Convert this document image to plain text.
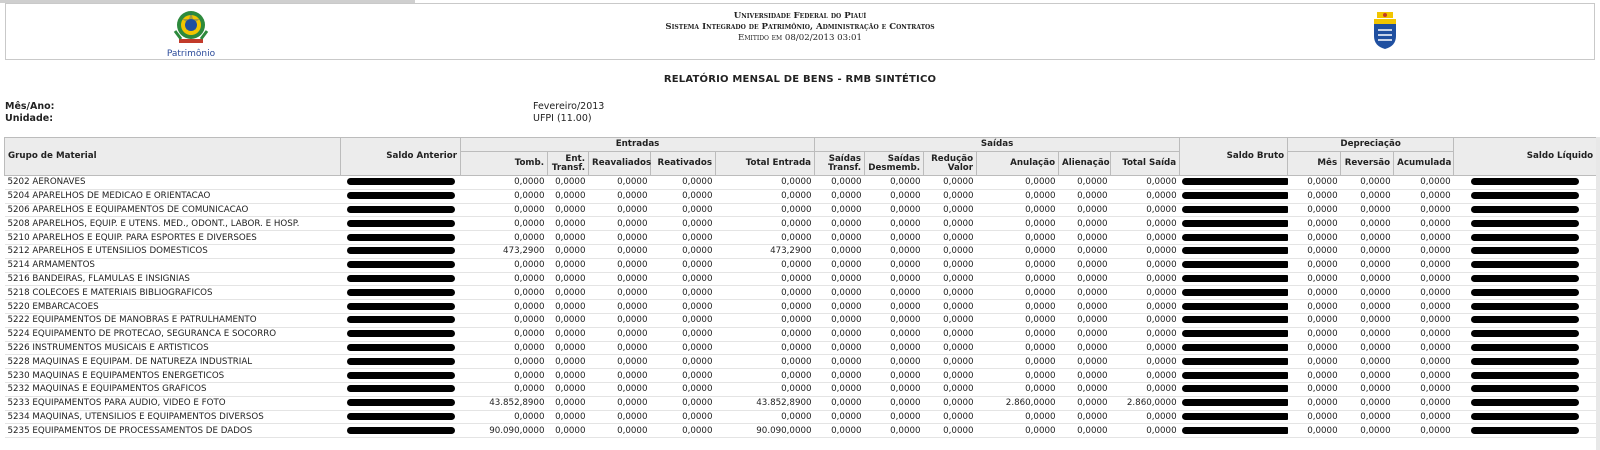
Patrimônio
Universidade Federal do Piauí
Sistema Integrado de Patrimônio, Administração e Contratos
Emitido em 08/02/2013 03:01
RELATÓRIO MENSAL DE BENS - RMB SINTÉTICO
Mês/Ano:	Fevereiro/2013
Unidade:	UFPI (11.00)
Grupo de Material	Saldo Anterior	Entradas					Saídas						Saldo Bruto	Depreciação			Saldo Líquido
		Tomb.	Ent. Transf.	Reavaliados	Reativados	Total Entrada	Saídas Transf.	Saídas Desmemb.	Redução Valor	Anulação	Alienação	Total Saída		Mês	Reversão	Acumulada	
5202 AERONAVES		0,0000	0,0000	0,0000	0,0000	0,0000	0,0000	0,0000	0,0000	0,0000	0,0000	0,0000		0,0000	0,0000	0,0000	
5204 APARELHOS DE MEDICAO E ORIENTACAO		0,0000	0,0000	0,0000	0,0000	0,0000	0,0000	0,0000	0,0000	0,0000	0,0000	0,0000		0,0000	0,0000	0,0000	
5206 APARELHOS E EQUIPAMENTOS DE COMUNICACAO		0,0000	0,0000	0,0000	0,0000	0,0000	0,0000	0,0000	0,0000	0,0000	0,0000	0,0000		0,0000	0,0000	0,0000	
5208 APARELHOS, EQUIP. E UTENS. MED., ODONT., LABOR. E HOSP.		0,0000	0,0000	0,0000	0,0000	0,0000	0,0000	0,0000	0,0000	0,0000	0,0000	0,0000		0,0000	0,0000	0,0000	
5210 APARELHOS E EQUIP. PARA ESPORTES E DIVERSOES		0,0000	0,0000	0,0000	0,0000	0,0000	0,0000	0,0000	0,0000	0,0000	0,0000	0,0000		0,0000	0,0000	0,0000	
5212 APARELHOS E UTENSILIOS DOMESTICOS		473,2900	0,0000	0,0000	0,0000	473,2900	0,0000	0,0000	0,0000	0,0000	0,0000	0,0000		0,0000	0,0000	0,0000	
5214 ARMAMENTOS		0,0000	0,0000	0,0000	0,0000	0,0000	0,0000	0,0000	0,0000	0,0000	0,0000	0,0000		0,0000	0,0000	0,0000	
5216 BANDEIRAS, FLAMULAS E INSIGNIAS		0,0000	0,0000	0,0000	0,0000	0,0000	0,0000	0,0000	0,0000	0,0000	0,0000	0,0000		0,0000	0,0000	0,0000	
5218 COLECOES E MATERIAIS BIBLIOGRAFICOS		0,0000	0,0000	0,0000	0,0000	0,0000	0,0000	0,0000	0,0000	0,0000	0,0000	0,0000		0,0000	0,0000	0,0000	
5220 EMBARCACOES		0,0000	0,0000	0,0000	0,0000	0,0000	0,0000	0,0000	0,0000	0,0000	0,0000	0,0000		0,0000	0,0000	0,0000	
5222 EQUIPAMENTOS DE MANOBRAS E PATRULHAMENTO		0,0000	0,0000	0,0000	0,0000	0,0000	0,0000	0,0000	0,0000	0,0000	0,0000	0,0000		0,0000	0,0000	0,0000	
5224 EQUIPAMENTO DE PROTECAO, SEGURANCA E SOCORRO		0,0000	0,0000	0,0000	0,0000	0,0000	0,0000	0,0000	0,0000	0,0000	0,0000	0,0000		0,0000	0,0000	0,0000	
5226 INSTRUMENTOS MUSICAIS E ARTISTICOS		0,0000	0,0000	0,0000	0,0000	0,0000	0,0000	0,0000	0,0000	0,0000	0,0000	0,0000		0,0000	0,0000	0,0000	
5228 MAQUINAS E EQUIPAM. DE NATUREZA INDUSTRIAL		0,0000	0,0000	0,0000	0,0000	0,0000	0,0000	0,0000	0,0000	0,0000	0,0000	0,0000		0,0000	0,0000	0,0000	
5230 MAQUINAS E EQUIPAMENTOS ENERGETICOS		0,0000	0,0000	0,0000	0,0000	0,0000	0,0000	0,0000	0,0000	0,0000	0,0000	0,0000		0,0000	0,0000	0,0000	
5232 MAQUINAS E EQUIPAMENTOS GRAFICOS		0,0000	0,0000	0,0000	0,0000	0,0000	0,0000	0,0000	0,0000	0,0000	0,0000	0,0000		0,0000	0,0000	0,0000	
5233 EQUIPAMENTOS PARA AUDIO, VIDEO E FOTO		43.852,8900	0,0000	0,0000	0,0000	43.852,8900	0,0000	0,0000	0,0000	2.860,0000	0,0000	2.860,0000		0,0000	0,0000	0,0000	
5234 MAQUINAS, UTENSILIOS E EQUIPAMENTOS DIVERSOS		0,0000	0,0000	0,0000	0,0000	0,0000	0,0000	0,0000	0,0000	0,0000	0,0000	0,0000		0,0000	0,0000	0,0000	
5235 EQUIPAMENTOS DE PROCESSAMENTOS DE DADOS		90.090,0000	0,0000	0,0000	0,0000	90.090,0000	0,0000	0,0000	0,0000	0,0000	0,0000	0,0000		0,0000	0,0000	0,0000	
